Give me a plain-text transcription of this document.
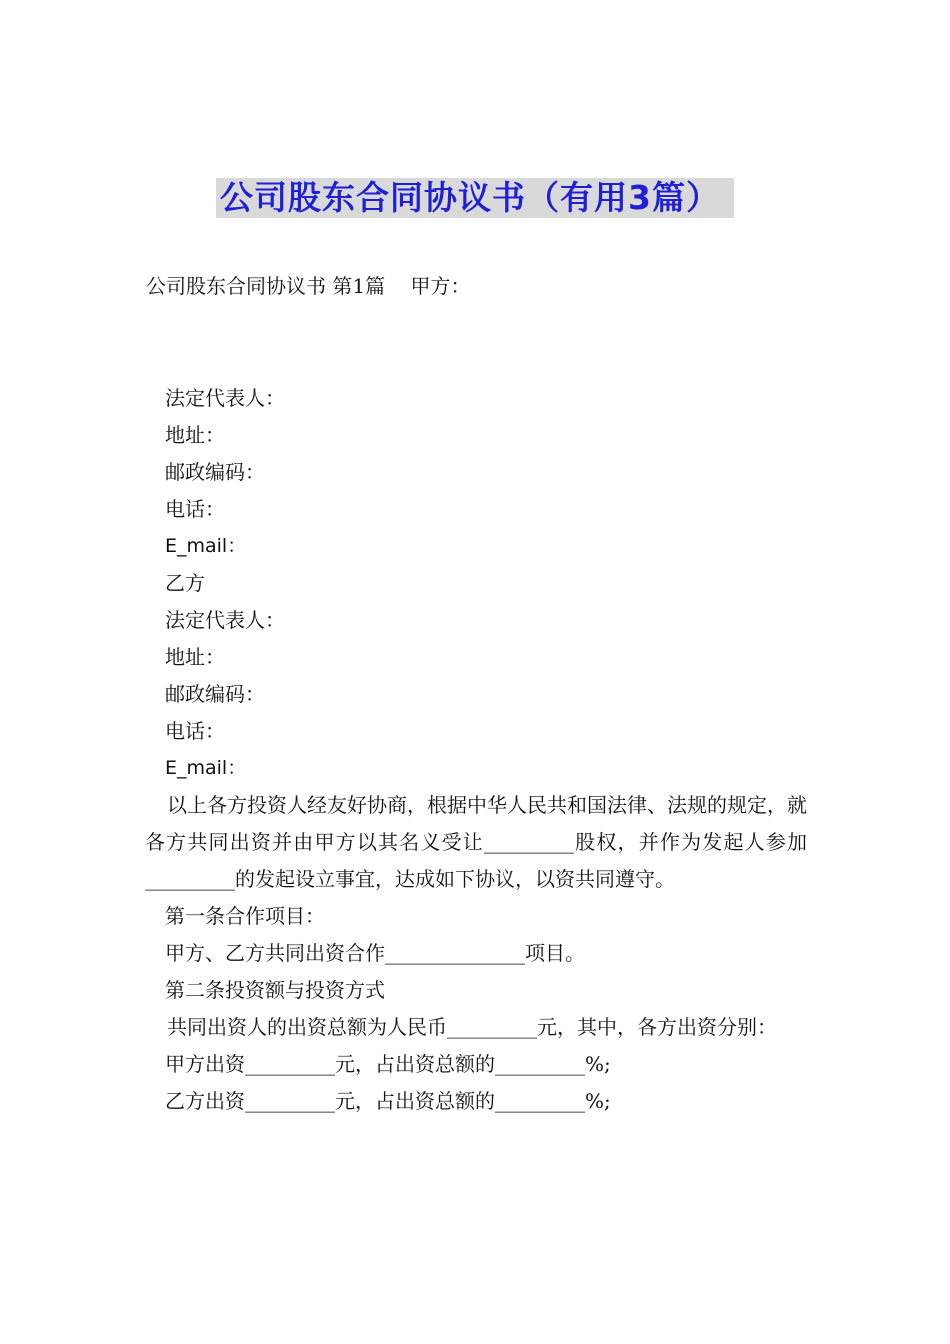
公司股东合同协议书（有用3篇）
公司股东合同协议书 第1篇    甲方：
法定代表人：
地址：
邮政编码：
电话：
E_mail：
乙方
法定代表人：
地址：
邮政编码：
电话：
E_mail：
以上各方投资人经友好协商，根据中华人民共和国法律、法规的规定，就各方共同出资并由甲方以其名义受让_________股权，并作为发起人参加_________的发起设立事宜，达成如下协议，以资共同遵守。
第一条合作项目：
甲方、乙方共同出资合作______________项目。
第二条投资额与投资方式
共同出资人的出资总额为人民币_________元，其中，各方出资分别：
甲方出资_________元，占出资总额的_________%;
乙方出资_________元，占出资总额的_________%;
